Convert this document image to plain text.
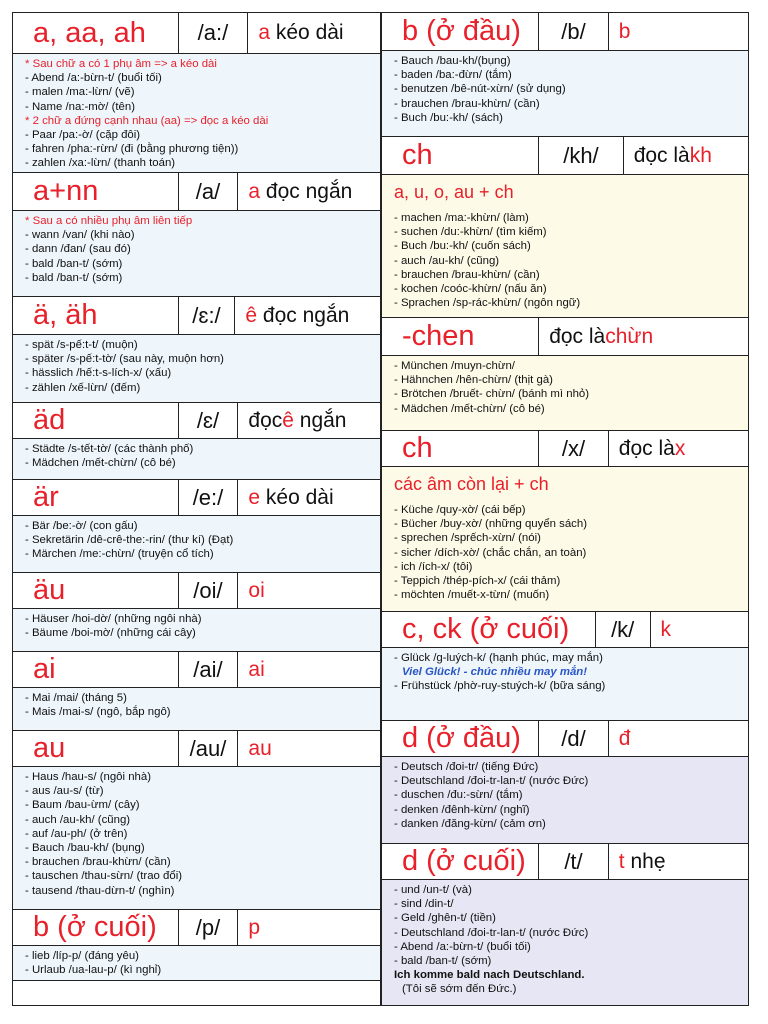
a, aa, ah	/a:/	a kéo dài
* Sau chữ a có 1 phụ âm => a kéo dài
- Abend /a:-bừn-t/ (buổi tối)
- malen /ma:-lừn/ (vẽ)
- Name /na:-mờ/ (tên)
* 2 chữ a đứng cạnh nhau (aa) => đọc a kéo dài
- Paar /pa:-ờ/ (cặp đôi)
- fahren /pha:-rừn/ (đi (bằng phương tiện))
- zahlen /xa:-lừn/ (thanh toán)
a+nn	/a/	a đọc ngắn
* Sau a có nhiều phụ âm liên tiếp
- wann /van/ (khi nào)
- dann /đan/ (sau đó)
- bald /ban-t/ (sớm)
- bald /ban-t/ (sớm)
ä, äh	/ɛ:/	ê đọc ngắn
- spät /s-pế:t-t/ (muộn)
- später /s-pế:t-tờ/ (sau này, muộn hơn)
- hässlich /hế:t-s-lích-x/ (xấu)
- zählen /xế-lừn/ (đếm)
äd	/ɛ/	đọc ê ngắn
- Städte /s-tết-tờ/ (các thành phố)
- Mädchen /mết-chừn/ (cô bé)
är	/e:/	e kéo dài
- Bär /be:-ờ/ (con gấu)
- Sekretärin /dê-crê-the:-rin/ (thư kí) (Đạt)
- Märchen /me:-chừn/ (truyện cổ tích)
äu	/oi/	oi
- Häuser /hoi-dờ/ (những ngôi nhà)
- Bäume /boi-mờ/ (những cái cây)
ai	/ai/	ai
- Mai /mai/ (tháng 5)
- Mais /mai-s/ (ngô, bắp ngô)
au	/au/	au
- Haus /hau-s/ (ngôi nhà)
- aus /au-s/ (từ)
- Baum /bau-ừm/ (cây)
- auch /au-kh/ (cũng)
- auf /au-ph/ (ở trên)
- Bauch /bau-kh/ (bụng)
- brauchen /brau-khừn/ (cần)
- tauschen /thau-sừn/ (trao đổi)
- tausend /thau-dừn-t/ (nghìn)
b (ở cuối)	/p/	p
- lieb /líp-p/ (đáng yêu)
- Urlaub /ua-lau-p/ (kì nghỉ)
b (ở đầu)	/b/	b
- Bauch /bau-kh/(bụng)
- baden /ba:-đừn/ (tắm)
- benutzen /bê-nút-xừn/ (sử dụng)
- brauchen /brau-khừn/ (cần)
- Buch /bu:-kh/ (sách)
ch	/kh/	đọc là kh
a, u, o, au + ch
- machen /ma:-khừn/ (làm)
- suchen /du:-khừn/ (tìm kiếm)
- Buch /bu:-kh/ (cuốn sách)
- auch /au-kh/ (cũng)
- brauchen /brau-khừn/ (cần)
- kochen /coóc-khừn/ (nấu ăn)
- Sprachen /sp-rác-khừn/ (ngôn ngữ)
-chen	đọc là chừn
- München /muyn-chừn/
- Hähnchen /hên-chừn/ (thịt gà)
- Brötchen /bruết- chừn/ (bánh mì nhỏ)
- Mädchen /mết-chừn/ (cô bé)
ch	/x/	đọc là x
các âm còn lại + ch
- Küche /quy-xờ/ (cái bếp)
- Bücher /buy-xờ/ (những quyển sách)
- sprechen /sprếch-xừn/ (nói)
- sicher /dích-xờ/ (chắc chắn, an toàn)
- ich /ích-x/ (tôi)
- Teppich /thép-pích-x/ (cái thảm)
- möchten /muết-x-từn/ (muốn)
c, ck (ở cuối)	/k/	k
- Glück /g-luých-k/ (hạnh phúc, may mắn)
Viel Glück! - chúc nhiều may mắn!
- Frühstück /phờ-ruy-stuých-k/ (bữa sáng)
d (ở đầu)	/d/	đ
- Deutsch /đoi-tr/ (tiếng Đức)
- Deutschland /đoi-tr-lan-t/ (nước Đức)
- duschen /đu:-sừn/ (tắm)
- denken /đênh-kừn/ (nghĩ)
- danken /đăng-kừn/ (cảm ơn)
d (ở cuối)	/t/	t nhẹ
- und /un-t/ (và)
- sind /din-t/
- Geld /ghên-t/ (tiền)
- Deutschland /đoi-tr-lan-t/ (nước Đức)
- Abend /a:-bừn-t/ (buổi tối)
- bald /ban-t/ (sớm)
Ich komme bald nach Deutschland.
(Tôi sẽ sớm đến Đức.)
